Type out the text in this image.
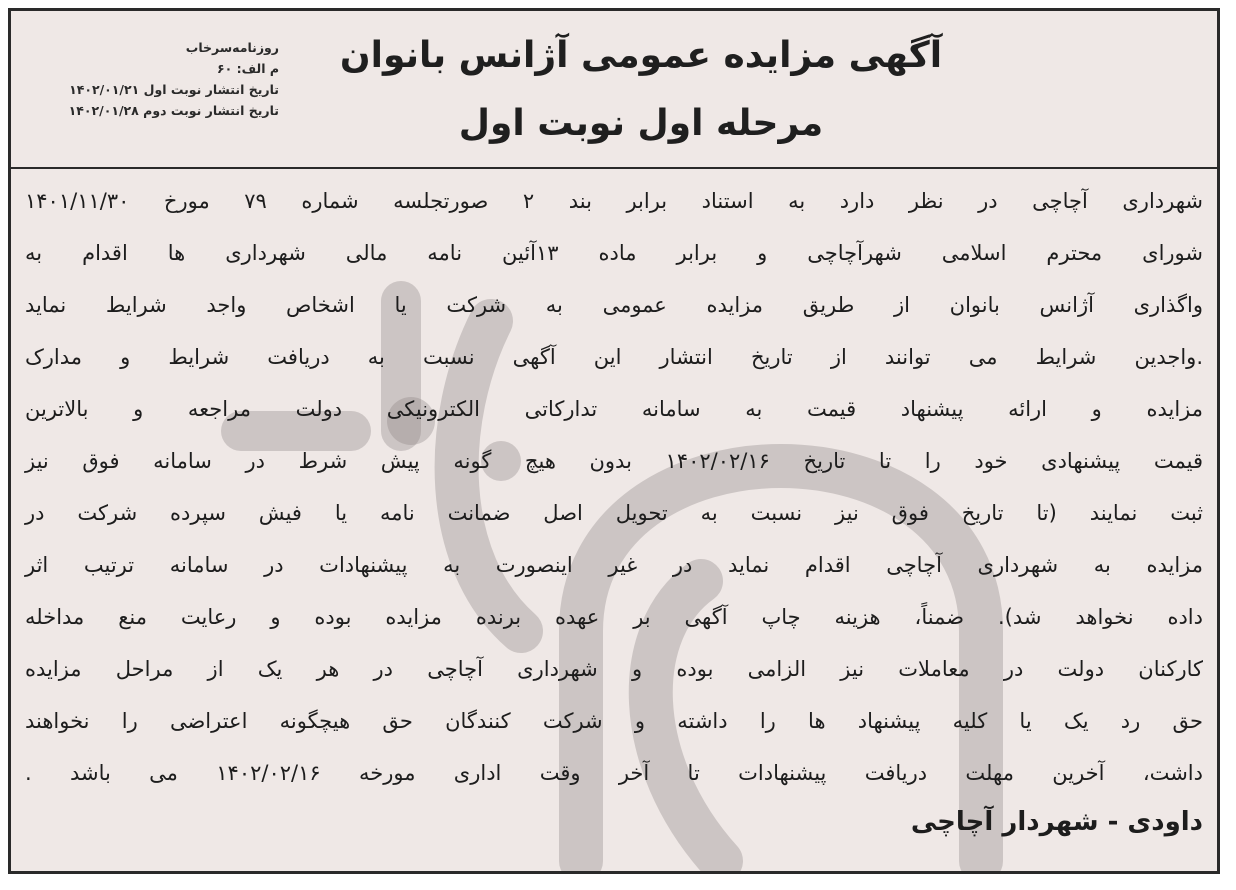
آگهی مزایده عمومی آژانس بانوان
مرحله اول نوبت اول
روزنامه‌سرخاب
م الف: ۶۰
تاریخ انتشار نوبت اول ۱۴۰۲/۰۱/۲۱
تاریخ انتشار نوبت دوم ۱۴۰۲/۰۱/۲۸
شهرداری آچاچی در نظر دارد به استناد برابر بند ۲ صورتجلسه شماره ۷۹ مورخ ۱۴۰۱/۱۱/۳۰
شورای محترم اسلامی شهرآچاچی و برابر ماده ۱۳آئین نامه مالی شهرداری ها اقدام به
واگذاری آژانس بانوان از طریق مزایده عمومی به شرکت یا اشخاص واجد شرایط نماید
.واجدین شرایط می توانند از تاریخ انتشار این آگهی نسبت به دریافت شرایط و مدارک
مزایده و ارائه پیشنهاد قیمت به سامانه تدارکاتی الکترونیکی دولت مراجعه و بالاترین
قیمت پیشنهادی خود را تا تاریخ ۱۴۰۲/۰۲/۱۶ بدون هیچ گونه پیش شرط در سامانه فوق نیز
ثبت نمایند (تا تاریخ فوق نیز نسبت به تحویل اصل ضمانت نامه یا فیش سپرده شرکت در
مزایده به شهرداری آچاچی اقدام نماید در غیر اینصورت به پیشنهادات در سامانه ترتیب اثر
داده نخواهد شد). ضمناً، هزینه چاپ آگهی بر عهده برنده مزایده بوده و رعایت منع مداخله
کارکنان دولت در معاملات نیز الزامی بوده و شهرداری آچاچی در هر یک از مراحل مزایده
حق رد یک یا کلیه پیشنهاد ها را داشته و شرکت کنندگان حق هیچگونه اعتراضی را نخواهند
داشت، آخرین مهلت دریافت پیشنهادات تا آخر وقت اداری مورخه ۱۴۰۲/۰۲/۱۶ می باشد .
داودی - شهردار آچاچی
